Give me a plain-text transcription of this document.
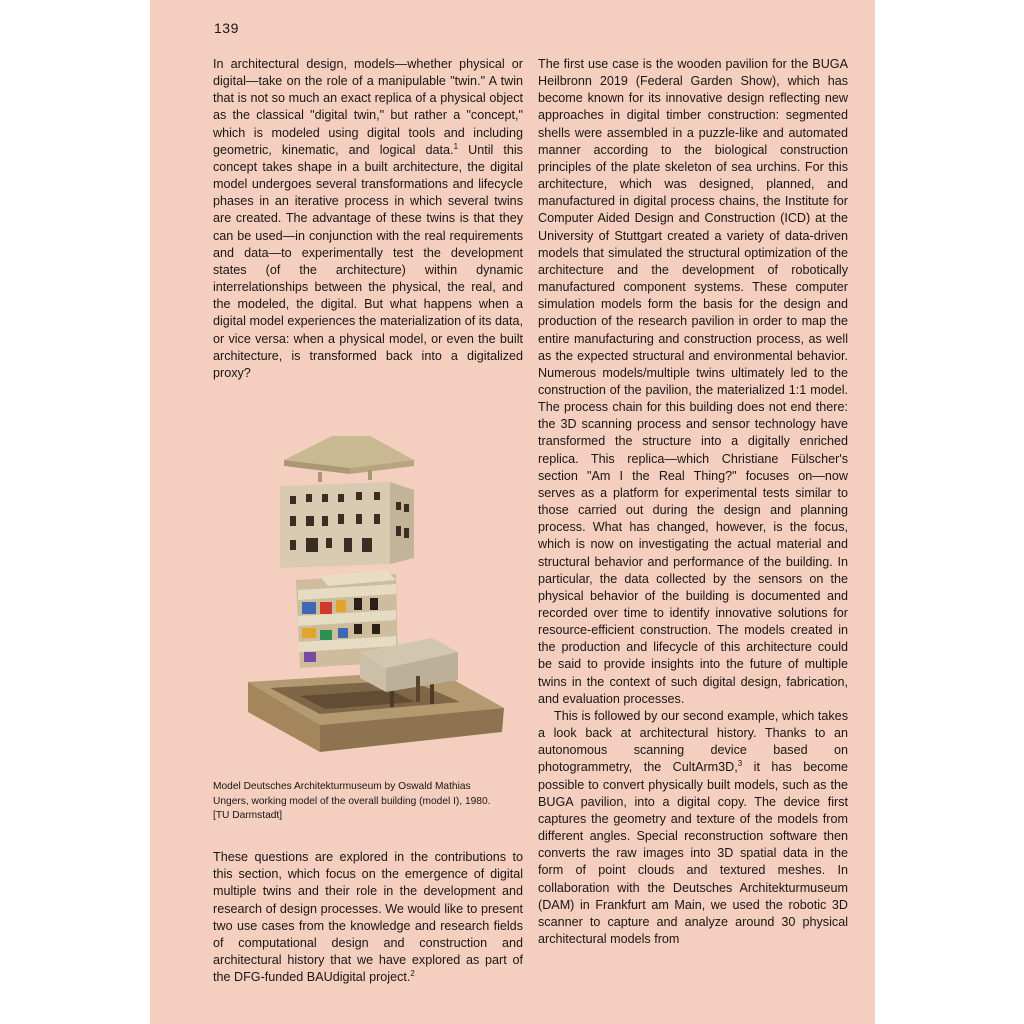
139

In architectural design, models—whether physical or digital—take on the role of a manipulable "twin." A twin that is not so much an exact replica of a physical object as the classical "digital twin," but rather a "concept," which is modeled using digital tools and including geometric, kinematic, and logical data.$^1$ Until this concept takes shape in a built architecture, the digital model undergoes several transformations and lifecycle phases in an iterative process in which several twins are created. The advantage of these twins is that they can be used—in conjunction with the real requirements and data—to experimentally test the development states (of the architecture) within dynamic interrelationships between the physical, the real, and the modeled, the digital. But what happens when a digital model experiences the materialization of its data, or vice versa: when a physical model, or even the built architecture, is transformed back into a digitalized proxy?

Model Deutsches Architekturmuseum by Oswald Mathias Ungers, working model of the overall building (model I), 1980. [TU Darmstadt]

These questions are explored in the contributions to this section, which focus on the emergence of digital multiple twins and their role in the development and research of design processes. We would like to present two use cases from the knowledge and research fields of computational design and construction and architectural history that we have explored as part of the DFG-funded BAUdigital project.$^2$

The first use case is the wooden pavilion for the BUGA Heilbronn 2019 (Federal Garden Show), which has become known for its innovative design reflecting new approaches in digital timber construction: segmented shells were assembled in a puzzle-like and automated manner according to the biological construction principles of the plate skeleton of sea urchins. For this architecture, which was designed, planned, and manufactured in digital process chains, the Institute for Computer Aided Design and Construction (ICD) at the University of Stuttgart created a variety of data-driven models that simulated the structural optimization of the architecture and the development of robotically manufactured component systems. These computer simulation models form the basis for the design and production of the research pavilion in order to map the entire manufacturing and construction process, as well as the expected structural and environmental behavior. Numerous models/multiple twins ultimately led to the construction of the pavilion, the materialized 1:1 model. The process chain for this building does not end there: the 3D scanning process and sensor technology have transformed the structure into a digitally enriched replica. This replica—which Christiane Fülscher's section "Am I the Real Thing?" focuses on—now serves as a platform for experimental tests similar to those carried out during the design and planning process. What has changed, however, is the focus, which is now on investigating the actual material and structural behavior and performance of the building. In particular, the data collected by the sensors on the physical behavior of the building is documented and recorded over time to identify innovative solutions for resource-efficient construction. The models created in the production and lifecycle of this architecture could be said to provide insights into the future of multiple twins in the context of such digital design, fabrication, and evaluation processes.

This is followed by our second example, which takes a look back at architectural history. Thanks to an autonomous scanning device based on photogrammetry, the CultArm3D,$^3$ it has become possible to convert physically built models, such as the BUGA pavilion, into a digital copy. The device first captures the geometry and texture of the models from different angles. Special reconstruction software then converts the raw images into 3D spatial data in the form of point clouds and textured meshes. In collaboration with the Deutsches Architekturmuseum (DAM) in Frankfurt am Main, we used the robotic 3D scanner to capture and analyze around 30 physical architectural models from
